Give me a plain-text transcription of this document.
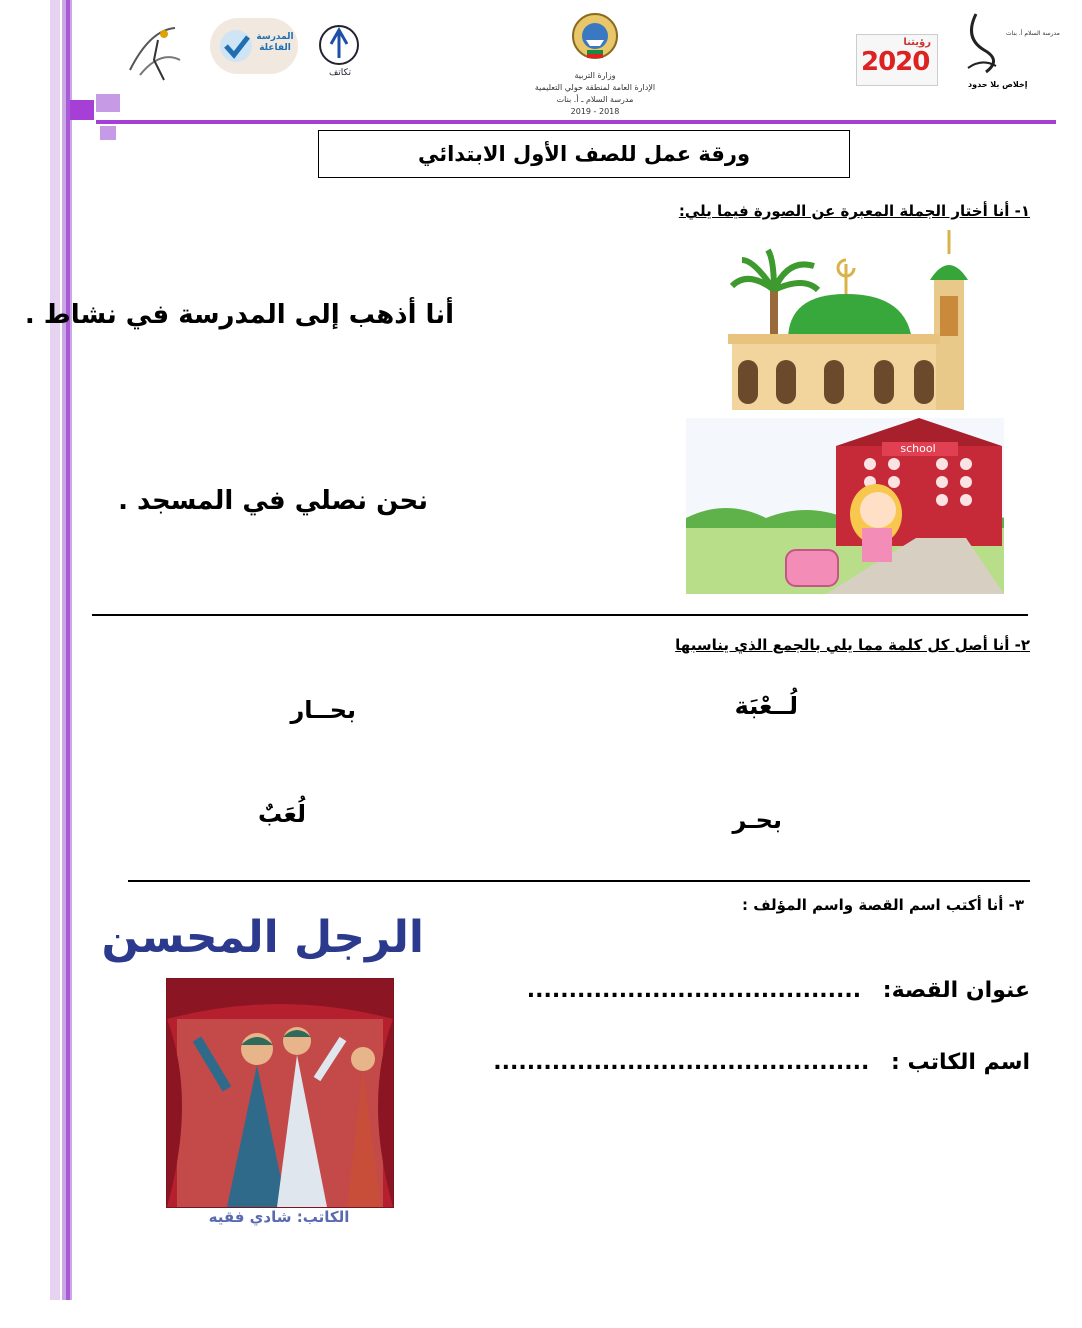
المدرسة الفاعلة
تكاتف	وزارة التربية
الإدارة العامة لمنطقة حولي التعليمية
مدرسة السلام ـ أ. بنات
2018 - 2019
رؤيتنا
2020
مدرسة السلام أ. بنات
إخلاص بلا حدود
ورقة عمل للصف الأول الابتدائي
١- أنا أختار الجملة المعبرة عن الصورة فيما يلي:
أنا أذهب إلى المدرسة في نشاط .
نحن نصلي في المسجد .
school
٢- أنا أصل كل كلمة مما يلي بالجمع الذي يناسبها
لُــعْبَة
بحــار
بحـر
لُعَبٌ
٣- أنا أكتب اسم القصة واسم المؤلف :
عنوان القصة: ........................................
اسم الكاتب : .............................................
الرجل المحسن
الكاتب: شادي فقيه
